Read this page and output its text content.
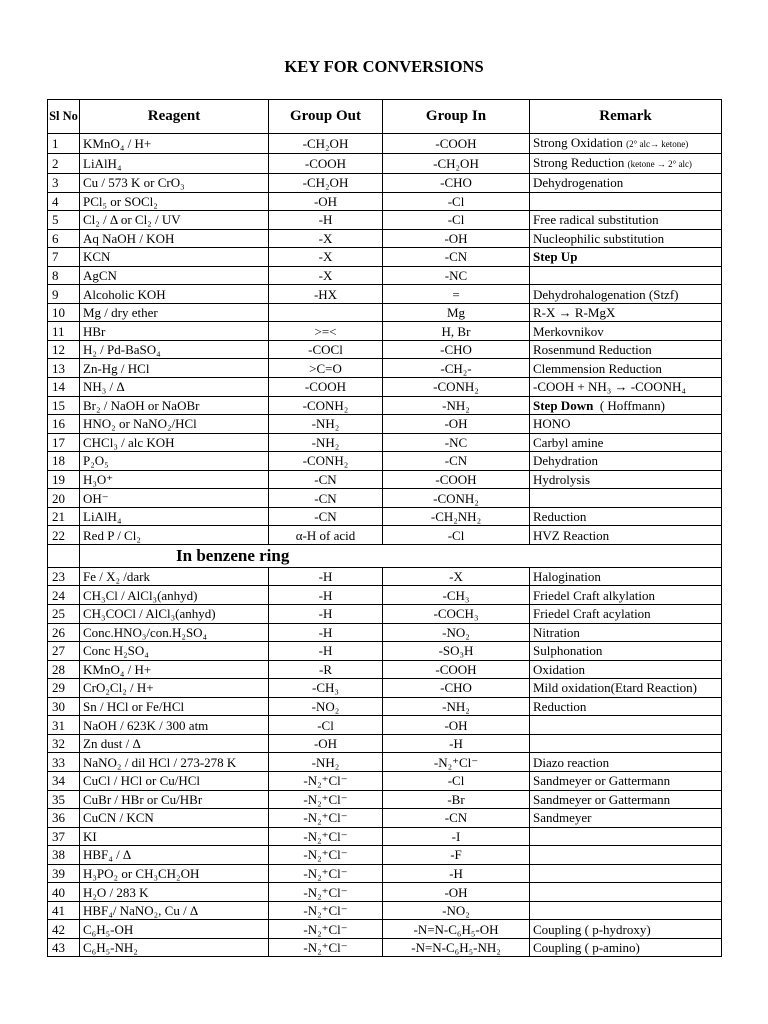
KEY FOR CONVERSIONS
Sl No	Reagent	Group Out	Group In	Remark
1	KMnO₄ / H+	-CH₂OH	-COOH	Strong Oxidation (2° alc→ ketone)
2	LiAlH₄	-COOH	-CH₂OH	Strong Reduction (ketone → 2° alc)
3	Cu / 573 K or CrO₃	-CH₂OH	-CHO	Dehydrogenation
4	PCl₅ or SOCl₂	-OH	-Cl	
5	Cl₂ / Δ or Cl₂ / UV	-H	-Cl	Free radical substitution
6	Aq NaOH / KOH	-X	-OH	Nucleophilic substitution
7	KCN	-X	-CN	Step Up
8	AgCN	-X	-NC	
9	Alcoholic KOH	-HX	=	Dehydrohalogenation (Stzf)
10	Mg / dry ether		Mg	R-X → R-MgX
11	HBr	>=<	H, Br	Merkovnikov
12	H₂ / Pd-BaSO₄	-COCl	-CHO	Rosenmund Reduction
13	Zn-Hg / HCl	>C=O	-CH₂-	Clemmension Reduction
14	NH₃ / Δ	-COOH	-CONH₂	-COOH + NH₃ → -COONH₄
15	Br₂ / NaOH or NaOBr	-CONH₂	-NH₂	Step Down  ( Hoffmann)
16	HNO₂ or NaNO₂/HCl	-NH₂	-OH	HONO
17	CHCl₃ / alc KOH	-NH₂	-NC	Carbyl amine
18	P₂O₅	-CONH₂	-CN	Dehydration
19	H₃O⁺	-CN	-COOH	Hydrolysis
20	OH⁻	-CN	-CONH₂	
21	LiAlH₄	-CN	-CH₂NH₂	Reduction
22	Red P / Cl₂	α-H of acid	-Cl	HVZ Reaction
	In benzene ring			
23	Fe / X₂ /dark	-H	-X	Halogination
24	CH₃Cl / AlCl₃(anhyd)	-H	-CH₃	Friedel Craft alkylation
25	CH₃COCl / AlCl₃(anhyd)	-H	-COCH₃	Friedel Craft acylation
26	Conc.HNO₃/con.H₂SO₄	-H	-NO₂	Nitration
27	Conc H₂SO₄	-H	-SO₃H	Sulphonation
28	KMnO₄ / H+	-R	-COOH	Oxidation
29	CrO₂Cl₂ / H+	-CH₃	-CHO	Mild oxidation(Etard Reaction)
30	Sn / HCl or Fe/HCl	-NO₂	-NH₂	Reduction
31	NaOH / 623K / 300 atm	-Cl	-OH	
32	Zn dust / Δ	-OH	-H	
33	NaNO₂ / dil HCl / 273-278 K	-NH₂	-N₂⁺Cl⁻	Diazo reaction
34	CuCl / HCl or Cu/HCl	-N₂⁺Cl⁻	-Cl	Sandmeyer or Gattermann
35	CuBr / HBr or Cu/HBr	-N₂⁺Cl⁻	-Br	Sandmeyer or Gattermann
36	CuCN / KCN	-N₂⁺Cl⁻	-CN	Sandmeyer
37	KI	-N₂⁺Cl⁻	-I	
38	HBF₄ / Δ	-N₂⁺Cl⁻	-F	
39	H₃PO₂ or CH₃CH₂OH	-N₂⁺Cl⁻	-H	
40	H₂O / 283 K	-N₂⁺Cl⁻	-OH	
41	HBF₄/ NaNO₂, Cu / Δ	-N₂⁺Cl⁻	-NO₂	
42	C₆H₅-OH	-N₂⁺Cl⁻	-N=N-C₆H₅-OH	Coupling ( p-hydroxy)
43	C₆H₅-NH₂	-N₂⁺Cl⁻	-N=N-C₆H₅-NH₂	Coupling ( p-amino)
